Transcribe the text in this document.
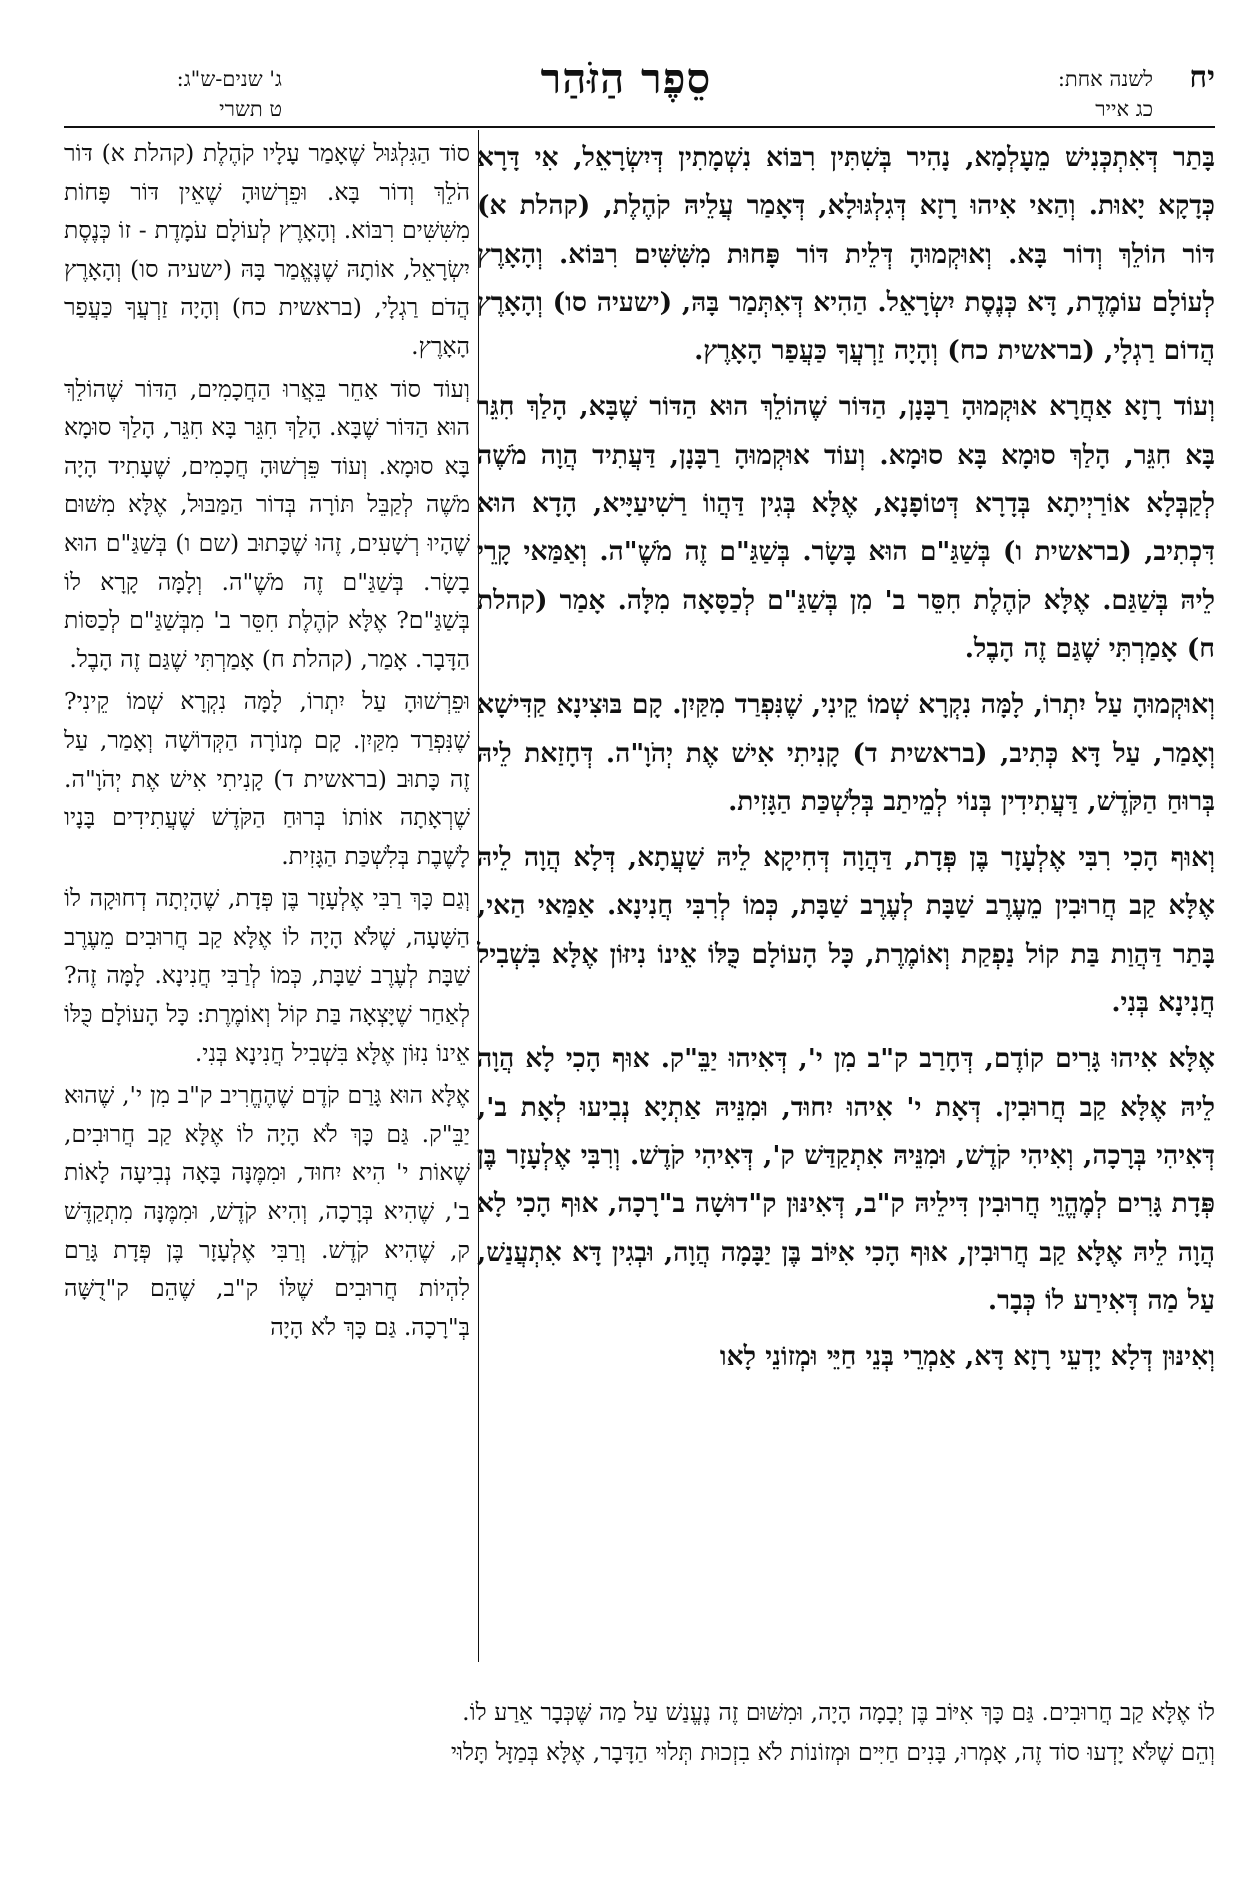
יח
לשנה אחת:
כג אייר
סֵפֶר הַזֹּהַר
ג' שנים-ש"ג:
ט תשרי

בָּתַר דְּאִתְכְּנִישׁ מֵעָלְמָא, נָהִיר בְּשִׁתִּין רִבּוֹא נִשְׁמָתִין דְּיִשְׂרָאֵל, אִי דָּרָא כְּדָקָא יָאוּת. וְהַאי אִיהוּ רָזָא דְּגִלְגּוּלָא, דְּאָמַר עֲלֵיהּ קֹהֶלֶת, (קהלת א) דּוֹר הוֹלֵךְ וְדוֹר בָּא. וְאוּקְמוּהָ דְּלֵית דּוֹר פָּחוּת מִשִּׁשִּׁים רִבּוֹא. וְהָאָרֶץ לְעוֹלָם עוֹמֶדֶת, דָּא כְּנֶסֶת יִשְׂרָאֵל. הַהִיא דְּאִתְּמַר בָּהּ, (ישעיה סו) וְהָאָרֶץ הֲדוֹם רַגְלָי, (בראשית כח) וְהָיָה זַרְעֲךָ כַּעֲפַר הָאָרֶץ.

וְעוֹד רָזָא אַחֲרָא אוּקְמוּהָ רַבָּנָן, הַדּוֹר שֶׁהוֹלֵךְ הוּא הַדּוֹר שֶׁבָּא, הָלַךְ חִגֵּר בָּא חִגֵּר, הָלַךְ סוּמָא בָּא סוּמָא. וְעוֹד אוּקְמוּהָ רַבָּנָן, דַּעֲתִיד הֲוָה מֹשֶׁה לְקַבְּלָא אוֹרַיְיתָא בְּדָרָא דְּטוֹפָנָא, אֶלָּא בְּגִין דַּהֲווֹ רַשִׁיעַיָּיא, הָדָא הוּא דִּכְתִיב, (בראשית ו) בְּשַׁגַּ"ם הוּא בָּשָׂר. בְּשַׁגַּ"ם זֶה מֹשֶׁ"ה. וְאַמַּאי קָרֵי לֵיהּ בְּשַׁגַּם. אֶלָּא קֹהֶלֶת חִסֵּר ב' מִן בְּשַׁגַּ"ם לְכַסָּאָה מִלָּה. אָמַר (קהלת ח) אָמַרְתִּי שֶׁגַּם זֶה הָבֶל.

וְאוּקְמוּהָ עַל יִתְרוֹ, לָמָּה נִקְרָא שְׁמוֹ קֵינִי, שֶׁנִּפְרַד מִקַּיִן. קָם בּוּצִינָא קַדִּישָׁא וְאָמַר, עַל דָּא כְּתִיב, (בראשית ד) קָנִיתִי אִישׁ אֶת יְהֹוָ"ה. דְּחָזַאת לֵיהּ בְּרוּחַ הַקֹּדֶשׁ, דַּעֲתִידִין בְּנוֹי לְמֵיתַב בְּלִשְׁכַּת הַגָּזִית.

וְאוּף הָכִי רִבִּי אֶלְעָזָר בֶּן פְּדָת, דַּהֲוָה דְּחִיקָא לֵיהּ שַׁעֲתָא, דְּלָא הֲוָה לֵיהּ אֶלָּא קַב חֲרוּבִין מֵעֶרֶב שַׁבָּת לְעֶרֶב שַׁבָּת, כְּמוֹ לְרִבִּי חֲנִינָא. אַמַּאי הַאי, בָּתַר דַּהֲוַת בַּת קוֹל נַפְקַת וְאוֹמֶרֶת, כָּל הָעוֹלָם כֻּלּוֹ אֵינוֹ נִיזּוֹן אֶלָּא בִּשְׁבִיל חֲנִינָא בְּנִי.

אֶלָּא אִיהוּ גָּרִים קוֹדֶם, דְּחָרַב ק"ב מִן י', דְּאִיהוּ יַבֵּ"ק. אוּף הָכִי לָא הֲוָה לֵיהּ אֶלָּא קַב חֲרוּבִין. דְּאָת י' אִיהוּ יִחוּד, וּמִנֵּיהּ אַתְיָא נְבִיעוּ לְאָת ב', דְּאִיהִי בְּרָכָה, וְאִיהִי קֹדֶשׁ, וּמִנֵּיהּ אִתְקַדַּשׁ ק', דְּאִיהִי קֹדֶשׁ. וְרִבִּי אֶלְעָזָר בֶּן פְּדָת גָּרִים לְמֶהֱוֵי חֲרוּבִין דִּילֵיהּ ק"ב, דְּאִינּוּן ק"דוּשָׁה ב"רָכָה, אוּף הָכִי לָא הֲוָה לֵיהּ אֶלָּא קַב חֲרוּבִין, אוּף הָכִי אִיּוֹב בֶּן יַבָּמָה הֲוָה, וּבְגִין דָּא אִתְעֲנַשׁ, עַל מַה דְּאִירַע לוֹ כְּבָר.

וְאִינּוּן דְּלָא יָדְעֵי רָזָא דָּא, אַמְרֵי בְּנֵי חַיֵּי וּמְזוֹנֵי לָאו

סוֹד הַגִּלְגּוּל שֶׁאָמַר עָלָיו קֹהֶלֶת (קהלת א) דּוֹר הֹלֵךְ וְדוֹר בָּא. וּפֵרְשׁוּהָ שֶׁאֵין דּוֹר פָּחוֹת מִשִּׁשִּׁים רִבּוֹא. וְהָאָרֶץ לְעוֹלָם עֹמָדֶת - זוֹ כְּנֶסֶת יִשְׂרָאֵל, אוֹתָהּ שֶׁנֶּאֱמַר בָּהּ (ישעיה סו) וְהָאָרֶץ הֲדֹם רַגְלָי, (בראשית כח) וְהָיָה זַרְעֲךָ כַּעֲפַר הָאָרֶץ.

וְעוֹד סוֹד אַחֵר בֵּאֲרוּ הַחֲכָמִים, הַדּוֹר שֶׁהוֹלֵךְ הוּא הַדּוֹר שֶׁבָּא. הָלַךְ חִגֵּר בָּא חִגֵּר, הָלַךְ סוּמָא בָּא סוּמָא. וְעוֹד פֵּרְשׁוּהָ חֲכָמִים, שֶׁעָתִיד הָיָה מֹשֶׁה לְקַבֵּל תּוֹרָה בְּדוֹר הַמַּבּוּל, אֶלָּא מִשּׁוּם שֶׁהָיוּ רְשָׁעִים, זֶהוּ שֶׁכָּתוּב (שם ו) בְּשַׁגַּ"ם הוּא בָשָׂר. בְּשַׁגַּ"ם זֶה מֹשֶׁ"ה. וְלָמָּה קָרָא לוֹ בְּשַׁגַּ"ם? אֶלָּא קֹהֶלֶת חִסֵּר ב' מִבְּשַׁגַּ"ם לְכַסּוֹת הַדָּבָר. אָמַר, (קהלת ח) אָמַרְתִּי שֶׁגַּם זֶה הָבֶל.

וּפֵרְשׁוּהָ עַל יִתְרוֹ, לָמָּה נִקְרָא שְׁמוֹ קֵינִי? שֶׁנִּפְרַד מִקַּיִן. קָם מְנוֹרָה הַקְּדוֹשָׁה וְאָמַר, עַל זֶה כָּתוּב (בראשית ד) קָנִיתִי אִישׁ אֶת יְהֹוָ"ה. שֶׁרְאָתָה אוֹתוֹ בְּרוּחַ הַקֹּדֶשׁ שֶׁעֲתִידִים בָּנָיו לָשֶׁבֶת בְּלִשְׁכַּת הַגָּזִית.

וְגַם כָּךְ רַבִּי אֶלְעָזָר בֶּן פְּדָת, שֶׁהָיְתָה דְחוּקָה לוֹ הַשָּׁעָה, שֶׁלֹּא הָיָה לוֹ אֶלָּא קַב חֲרוּבִים מֵעֶרֶב שַׁבָּת לְעֶרֶב שַׁבָּת, כְּמוֹ לְרַבִּי חֲנִינָא. לָמָּה זֶה? לְאַחַר שֶׁיָּצְאָה בַּת קוֹל וְאוֹמֶרֶת: כָּל הָעוֹלָם כֻּלּוֹ אֵינוֹ נִזּוֹן אֶלָּא בִּשְׁבִיל חֲנִינָא בְּנִי.

אֶלָּא הוּא גָּרַם קֹדֶם שֶׁהֶחֱרִיב ק"ב מִן י', שֶׁהוּא יַבֵּ"ק. גַּם כָּךְ לֹא הָיָה לוֹ אֶלָּא קַב חֲרוּבִים, שֶׁאוֹת י' הִיא יִחוּד, וּמִמֶּנָּה בָּאָה נְבִיעָה לָאוֹת ב', שֶׁהִיא בְּרָכָה, וְהִיא קֹדֶשׁ, וּמִמֶּנָּה מִתְקַדֶּשׁ ק, שֶׁהִיא קֹדֶשׁ. וְרַבִּי אֶלְעָזָר בֶּן פְּדָת גָּרַם לִהְיוֹת חֲרוּבִים שֶׁלּוֹ ק"ב, שֶׁהֵם ק"דֻשָּׁה בְּ"רָכָה. גַּם כָּךְ לֹא הָיָה

לוֹ אֶלָּא קַב חֲרוּבִים. גַּם כָּךְ אִיּוֹב בֶּן יְבָמָה הָיָה, וּמִשּׁוּם זֶה נֶעֱנַשׁ עַל מַה שֶּׁכְּבָר אֵרַע לוֹ.

וְהֵם שֶׁלֹּא יָדְעוּ סוֹד זֶה, אָמְרוּ, בָּנִים חַיִּים וּמְזוֹנוֹת לֹא בִזְכוּת תְּלוּי הַדָּבָר, אֶלָּא בְּמַזָּל תָּלוּי
